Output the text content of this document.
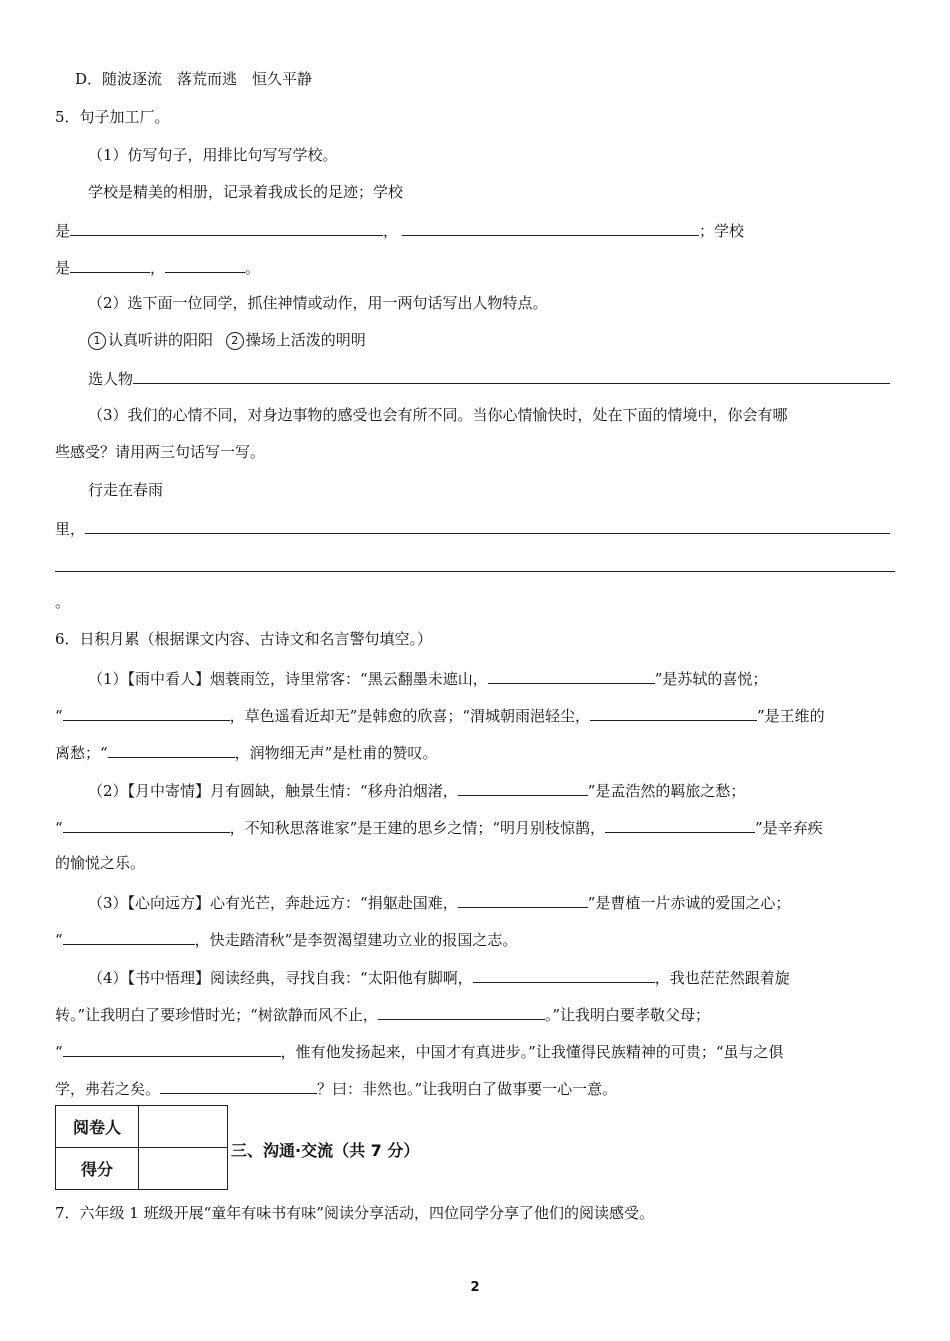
D．随波逐流　落荒而逃　恒久平静
5．句子加工厂。
（1）仿写句子，用排比句写写学校。
学校是精美的相册，记录着我成长的足迹；学校
是	，	；学校
是	，	。
（2）选下面一位同学，抓住神情或动作，用一两句话写出人物特点。
1 认真听讲的阳阳 2 操场上活泼的明明
选人物
（3）我们的心情不同，对身边事物的感受也会有所不同。当你心情愉快时，处在下面的情境中，你会有哪
些感受？请用两三句话写一写。
行走在春雨
里，
。
6．日积月累（根据课文内容、古诗文和名言警句填空。）
（1）【雨中看人】烟蓑雨笠，诗里常客：“黑云翻墨未遮山，	”是苏轼的喜悦；
“	，草色遥看近却无”是韩愈的欣喜；“渭城朝雨浥轻尘，	”是王维的
离愁；“	，润物细无声”是杜甫的赞叹。
（2）【月中寄情】月有圆缺，触景生情：“移舟泊烟渚，	”是孟浩然的羁旅之愁；
“	，不知秋思落谁家”是王建的思乡之情；“明月别枝惊鹊，	”是辛弃疾
的愉悦之乐。
（3）【心向远方】心有光芒，奔赴远方：“捐躯赴国难，	”是曹植一片赤诚的爱国之心；
“	，快走踏清秋”是李贺渴望建功立业的报国之志。
（4）【书中悟理】阅读经典，寻找自我：“太阳他有脚啊，	，我也茫茫然跟着旋
转。”让我明白了要珍惜时光；“树欲静而风不止，	。”让我明白要孝敬父母；
“	，惟有他发扬起来，中国才有真进步。”让我懂得民族精神的可贵；“虽与之俱
学，弗若之矣。	？曰：非然也。”让我明白了做事要一心一意。
阅卷人	
得分	
三、沟通·交流（共 7 分）
7．六年级 1 班级开展“童年有味书有味”阅读分享活动，四位同学分享了他们的阅读感受。
2
